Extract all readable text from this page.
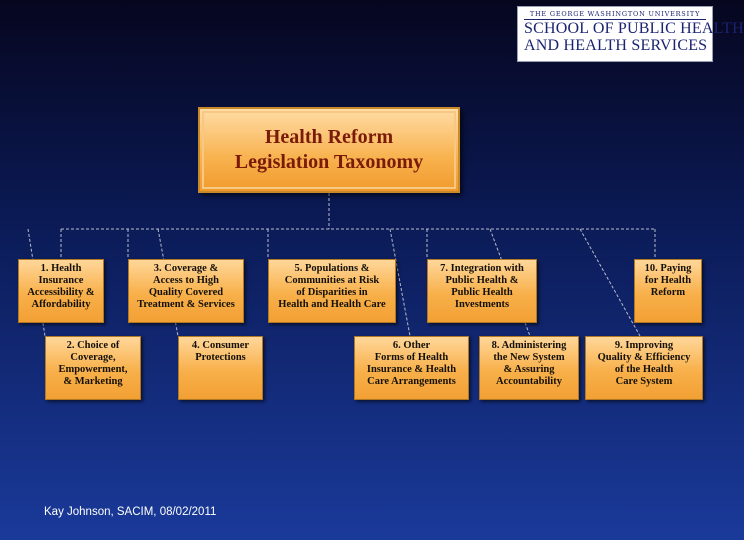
THE GEORGE WASHINGTON UNIVERSITY
SCHOOL OF PUBLIC HEALTH
AND HEALTH SERVICES
Health Reform
Legislation Taxonomy
1. Health
Insurance
Accessibility &
Affordability
3. Coverage &
Access to High
Quality Covered
Treatment & Services
5. Populations &
Communities at Risk
of Disparities in
Health and Health Care
7. Integration with
Public Health &
Public Health
Investments
10. Paying
for Health
Reform
2. Choice of
Coverage,
Empowerment,
& Marketing
4. Consumer
Protections
6. Other
Forms of Health
Insurance & Health
Care Arrangements
8. Administering
the New System
& Assuring
Accountability
9. Improving
Quality & Efficiency
of the Health
Care System
Kay Johnson, SACIM, 08/02/2011
